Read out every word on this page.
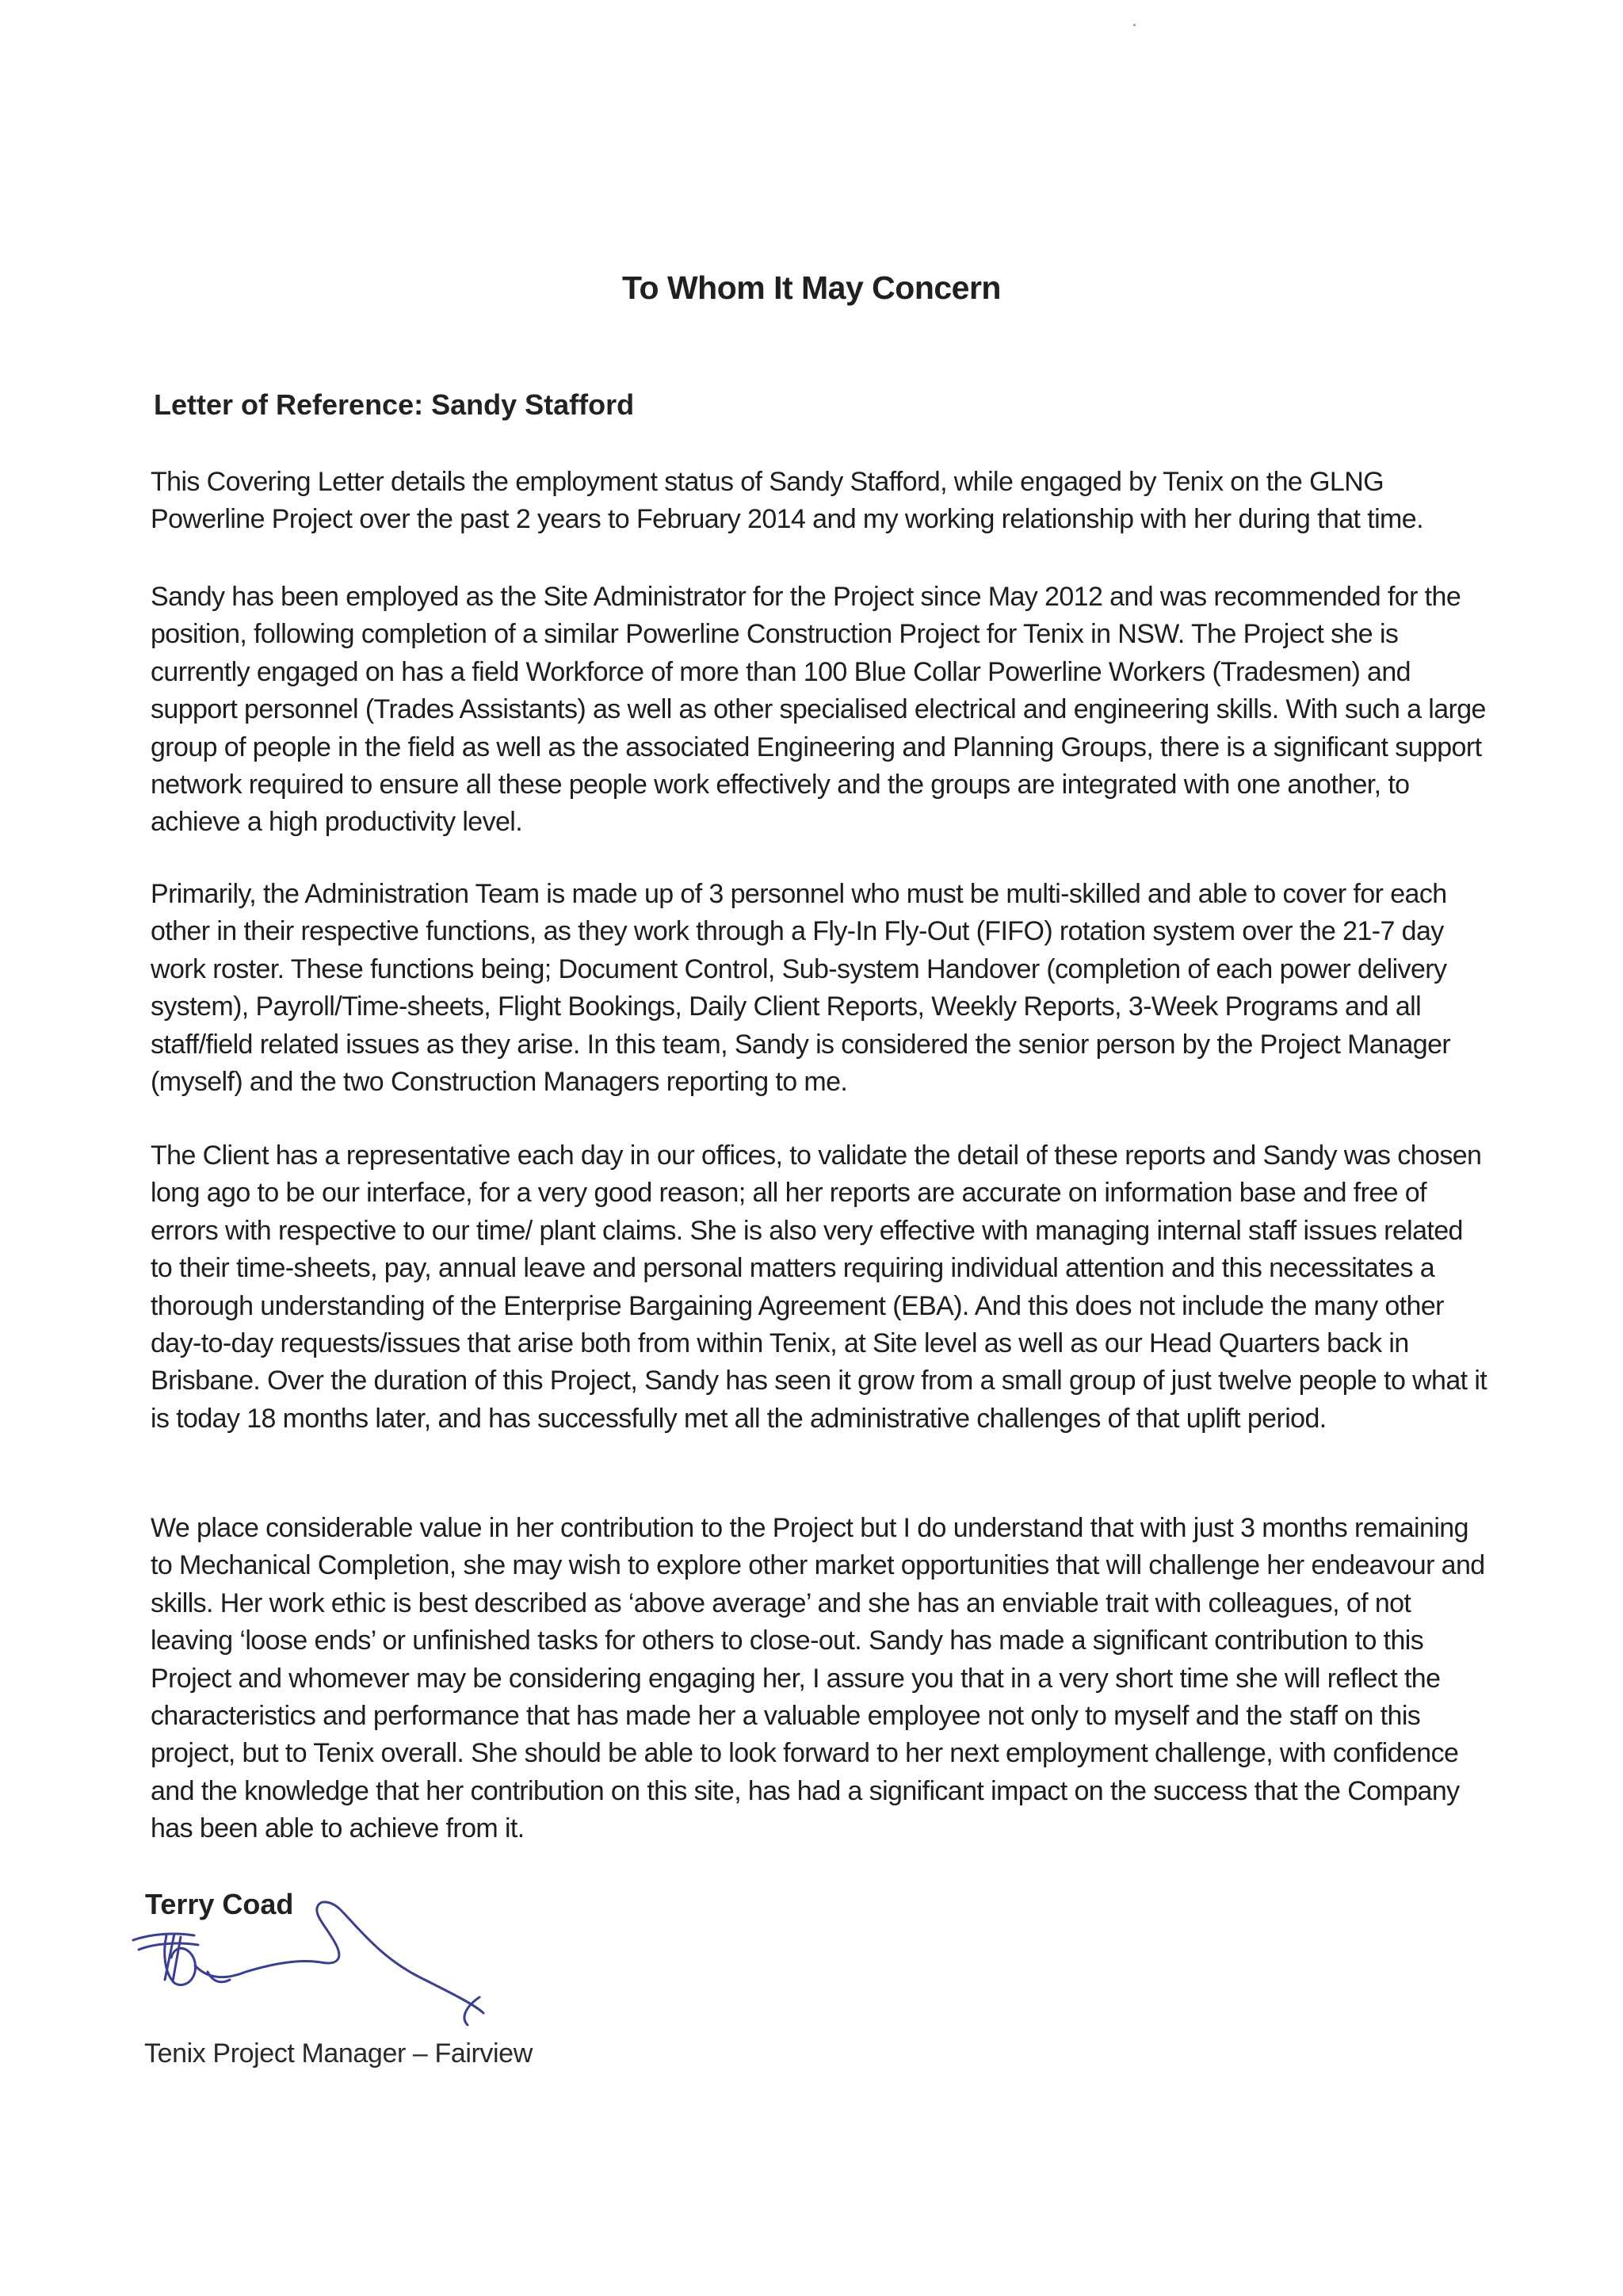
To Whom It May Concern
Letter of Reference: Sandy Stafford

This Covering Letter details the employment status of Sandy Stafford, while engaged by Tenix on the GLNG Powerline Project over the past 2 years to February 2014 and my working relationship with her during that time.

Sandy has been employed as the Site Administrator for the Project since May 2012 and was recommended for the position, following completion of a similar Powerline Construction Project for Tenix in NSW. The Project she is currently engaged on has a field Workforce of more than 100 Blue Collar Powerline Workers (Tradesmen) and support personnel (Trades Assistants) as well as other specialised electrical and engineering skills. With such a large group of people in the field as well as the associated Engineering and Planning Groups, there is a significant support network required to ensure all these people work effectively and the groups are integrated with one another, to achieve a high productivity level.

Primarily, the Administration Team is made up of 3 personnel who must be multi-skilled and able to cover for each other in their respective functions, as they work through a Fly-In Fly-Out (FIFO) rotation system over the 21-7 day work roster. These functions being; Document Control, Sub-system Handover (completion of each power delivery system), Payroll/Time-sheets, Flight Bookings, Daily Client Reports, Weekly Reports, 3-Week Programs and all staff/field related issues as they arise. In this team, Sandy is considered the senior person by the Project Manager (myself) and the two Construction Managers reporting to me.

The Client has a representative each day in our offices, to validate the detail of these reports and Sandy was chosen long ago to be our interface, for a very good reason; all her reports are accurate on information base and free of errors with respective to our time/ plant claims. She is also very effective with managing internal staff issues related to their time-sheets, pay, annual leave and personal matters requiring individual attention and this necessitates a thorough understanding of the Enterprise Bargaining Agreement (EBA). And this does not include the many other day-to-day requests/issues that arise both from within Tenix, at Site level as well as our Head Quarters back in Brisbane. Over the duration of this Project, Sandy has seen it grow from a small group of just twelve people to what it is today 18 months later, and has successfully met all the administrative challenges of that uplift period.

We place considerable value in her contribution to the Project but I do understand that with just 3 months remaining to Mechanical Completion, she may wish to explore other market opportunities that will challenge her endeavour and skills. Her work ethic is best described as ‘above average’ and she has an enviable trait with colleagues, of not leaving ‘loose ends’ or unfinished tasks for others to close-out. Sandy has made a significant contribution to this Project and whomever may be considering engaging her, I assure you that in a very short time she will reflect the characteristics and performance that has made her a valuable employee not only to myself and the staff on this project, but to Tenix overall. She should be able to look forward to her next employment challenge, with confidence and the knowledge that her contribution on this site, has had a significant impact on the success that the Company has been able to achieve from it.

Terry Coad
Tenix Project Manager – Fairview
